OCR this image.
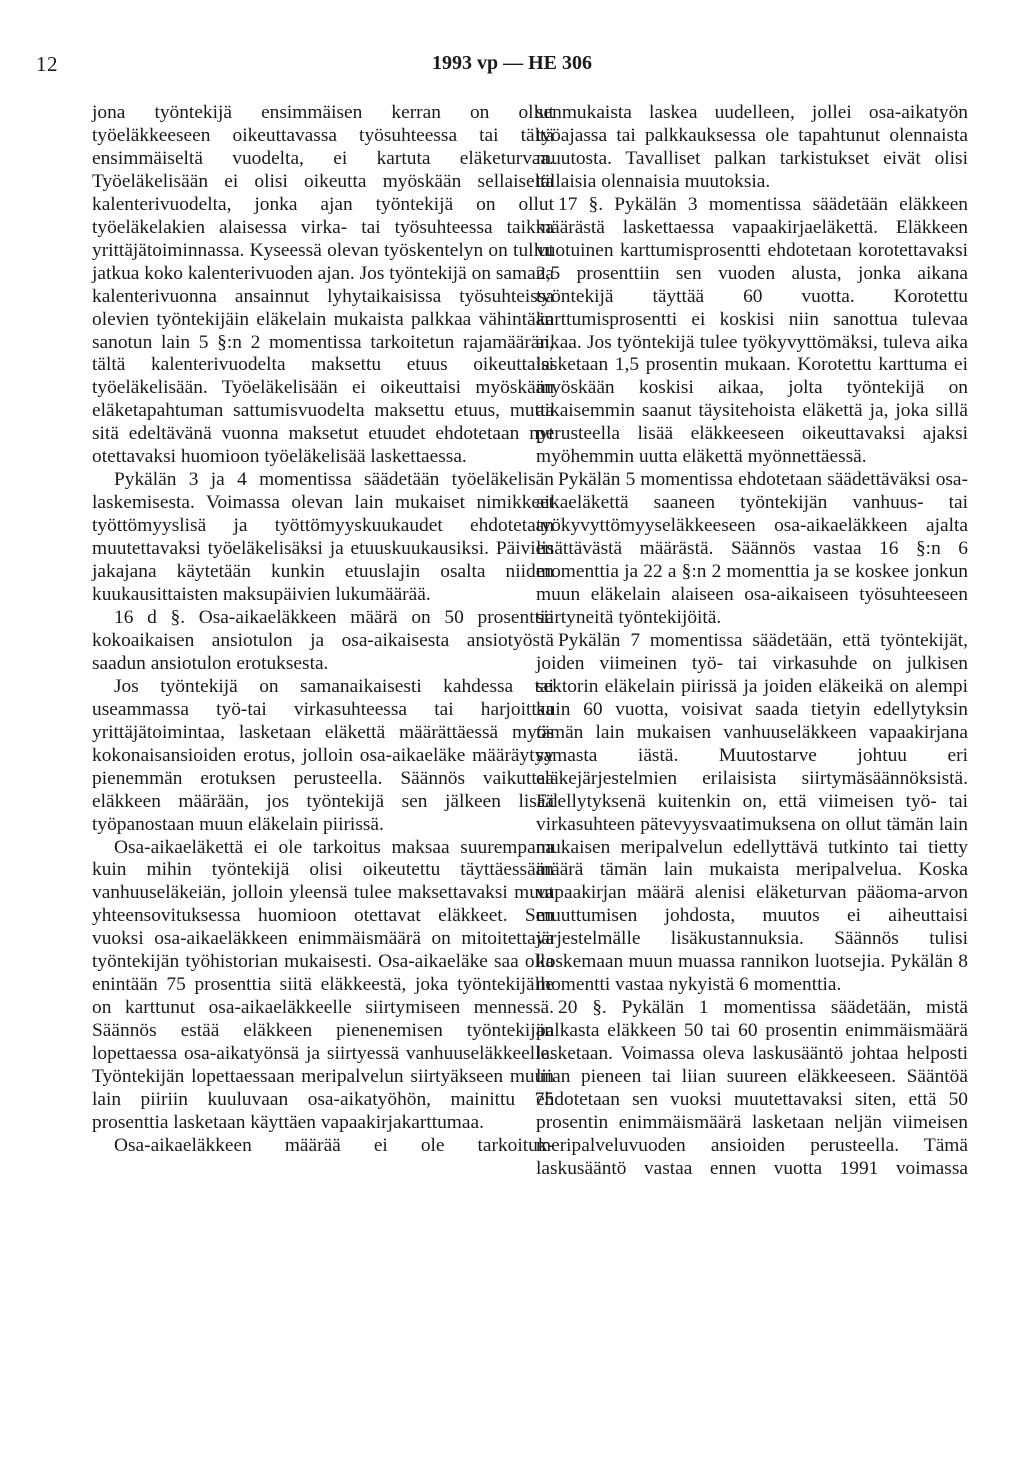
12	1993 vp — HE 306

jona työntekijä ensimmäisen kerran on ollut työeläkkeeseen oikeuttavassa työsuhteessa tai tältä ensimmäiseltä vuodelta, ei kartuta eläketurvaa. Työeläkelisään ei olisi oikeutta myöskään sellaiselta kalenterivuodelta, jonka ajan työntekijä on ollut työeläkelakien alaisessa virka- tai työsuhteessa taikka yrittäjätoiminnassa. Kyseessä olevan työskentelyn on tullut jatkua koko kalenterivuoden ajan. Jos työntekijä on samana kalenterivuonna ansainnut lyhytaikaisissa työsuhteissa olevien työntekijäin eläkelain mukaista palkkaa vähintään sanotun lain 5 §:n 2 momentissa tarkoitetun rajamäärän, tältä kalenterivuodelta maksettu etuus oikeuttaisi työeläkelisään. Työeläkelisään ei oikeuttaisi myöskään eläketapahtuman sattumisvuodelta maksettu etuus, mutta sitä edeltävänä vuonna maksetut etuudet ehdotetaan nyt otettavaksi huomioon työeläkelisää laskettaessa.

Pykälän 3 ja 4 momentissa säädetään työeläkelisän laskemisesta. Voimassa olevan lain mukaiset nimikkeet työttömyyslisä ja työttömyyskuukaudet ehdotetaan muutettavaksi työeläkelisäksi ja etuuskuukausiksi. Päivien jakajana käytetään kunkin etuuslajin osalta niiden kuukausittaisten maksupäivien lukumäärää.

16 d §. Osa-aikaeläkkeen määrä on 50 prosenttia kokoaikaisen ansiotulon ja osa-aikaisesta ansiotyöstä saadun ansiotulon erotuksesta.

Jos työntekijä on samanaikaisesti kahdessa tai useammassa työ-tai virkasuhteessa tai harjoittaa yrittäjätoimintaa, lasketaan eläkettä määrättäessä myös kokonaisansioiden erotus, jolloin osa-aikaeläke määräytyy pienemmän erotuksen perusteella. Säännös vaikuttaa eläkkeen määrään, jos työntekijä sen jälkeen lisää työpanostaan muun eläkelain piirissä.

Osa-aikaeläkettä ei ole tarkoitus maksaa suurempana kuin mihin työntekijä olisi oikeutettu täyttäessään vanhuuseläkeiän, jolloin yleensä tulee maksettavaksi muut yhteensovituksessa huomioon otettavat eläkkeet. Sen vuoksi osa-aikaeläkkeen enimmäismäärä on mitoitettava työntekijän työhistorian mukaisesti. Osa-aikaeläke saa olla enintään 75 prosenttia siitä eläkkeestä, joka työntekijälle on karttunut osa-aikaeläkkeelle siirtymiseen mennessä. Säännös estää eläkkeen pienenemisen työntekijän lopettaessa osa-aikatyönsä ja siirtyessä vanhuuseläkkeelle. Työntekijän lopettaessaan meripalvelun siirtyäkseen muun lain piiriin kuuluvaan osa-aikatyöhön, mainittu 75 prosenttia lasketaan käyttäen vapaakirjakarttumaa.

Osa-aikaeläkkeen määrää ei ole tarkoituk-

senmukaista laskea uudelleen, jollei osa-aikatyön työajassa tai palkkauksessa ole tapahtunut olennaista muutosta. Tavalliset palkan tarkistukset eivät olisi tällaisia olennaisia muutoksia.

17 §. Pykälän 3 momentissa säädetään eläkkeen määrästä laskettaessa vapaakirjaeläkettä. Eläkkeen vuotuinen karttumisprosentti ehdotetaan korotettavaksi 2,5 prosenttiin sen vuoden alusta, jonka aikana työntekijä täyttää 60 vuotta. Korotettu karttumisprosentti ei koskisi niin sanottua tulevaa aikaa. Jos työntekijä tulee työkyvyttömäksi, tuleva aika lasketaan 1,5 prosentin mukaan. Korotettu karttuma ei myöskään koskisi aikaa, jolta työntekijä on aikaisemmin saanut täysitehoista eläkettä ja, joka sillä perusteella lisää eläkkeeseen oikeuttavaksi ajaksi myöhemmin uutta eläkettä myönnettäessä.

Pykälän 5 momentissa ehdotetaan säädettäväksi osa-aikaeläkettä saaneen työntekijän vanhuus- tai työkyvyttömyyseläkkeeseen osa-aikaeläkkeen ajalta lisättävästä määrästä. Säännös vastaa 16 §:n 6 momenttia ja 22 a §:n 2 momenttia ja se koskee jonkun muun eläkelain alaiseen osa-aikaiseen työsuhteeseen siirtyneitä työntekijöitä.

Pykälän 7 momentissa säädetään, että työntekijät, joiden viimeinen työ- tai virkasuhde on julkisen sektorin eläkelain piirissä ja joiden eläkeikä on alempi kuin 60 vuotta, voisivat saada tietyin edellytyksin tämän lain mukaisen vanhuuseläkkeen vapaakirjana samasta iästä. Muutostarve johtuu eri eläkejärjestelmien erilaisista siirtymäsäännöksistä. Edellytyksenä kuitenkin on, että viimeisen työ- tai virkasuhteen pätevyysvaatimuksena on ollut tämän lain mukaisen meripalvelun edellyttävä tutkinto tai tietty määrä tämän lain mukaista meripalvelua. Koska vapaakirjan määrä alenisi eläketurvan pääoma-arvon muuttumisen johdosta, muutos ei aiheuttaisi järjestelmälle lisäkustannuksia. Säännös tulisi koskemaan muun muassa rannikon luotsejia. Pykälän 8 momentti vastaa nykyistä 6 momenttia.

20 §. Pykälän 1 momentissa säädetään, mistä palkasta eläkkeen 50 tai 60 prosentin enimmäismäärä lasketaan. Voimassa oleva laskusääntö johtaa helposti liian pieneen tai liian suureen eläkkeeseen. Sääntöä ehdotetaan sen vuoksi muutettavaksi siten, että 50 prosentin enimmäismäärä lasketaan neljän viimeisen meripalveluvuoden ansioiden perusteella. Tämä laskusääntö vastaa ennen vuotta 1991 voimassa
